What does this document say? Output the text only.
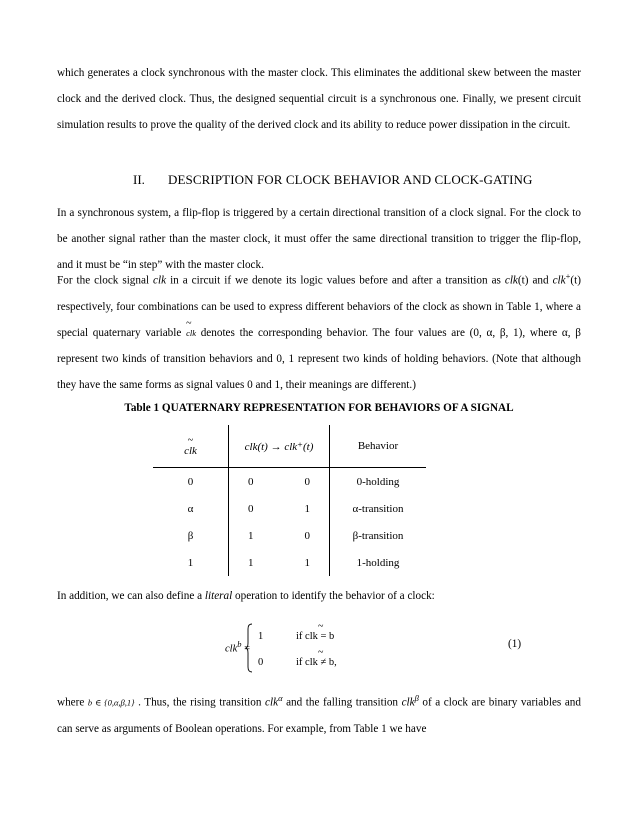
which generates a clock synchronous with the master clock. This eliminates the additional skew between the master clock and the derived clock. Thus, the designed sequential circuit is a synchronous one. Finally, we present circuit simulation results to prove the quality of the derived clock and its ability to reduce power dissipation in the circuit.

II. DESCRIPTION FOR CLOCK BEHAVIOR AND CLOCK-GATING

In a synchronous system, a flip-flop is triggered by a certain directional transition of a clock signal. For the clock to be another signal rather than the master clock, it must offer the same directional transition to trigger the flip-flop, and it must be “in step” with the master clock.

For the clock signal clk in a circuit if we denote its logic values before and after a transition as clk(t) and clk+(t) respectively, four combinations can be used to express different behaviors of the clock as shown in Table 1, where a special quaternary variable
~
clk denotes the corresponding behavior. The four values are (0, α, β, 1), where α, β represent two kinds of transition behaviors and 0, 1 represent two kinds of holding behaviors. (Note that although they have the same forms as signal values 0 and 1, their meanings are different.)

Table 1 QUATERNARY REPRESENTATION FOR BEHAVIORS OF A SIGNAL
~
clk	clk(t) → clk⁺(t)	Behavior
0	0 0	0-holding
α	0 1	α-transition
β	1 0	β-transition
1	1 1	1-holding

In addition, we can also define a literal operation to identify the behavior of a clock:

clk$^b$ =
~
1	if clk = b
~
0	if clk ≠ b,
(1)

where b ∈ {0,α,β,1} . Thus, the rising transition clk$^\alpha$ and the falling transition clk$^\beta$ of a clock are binary variables and can serve as arguments of Boolean operations. For example, from Table 1 we have
